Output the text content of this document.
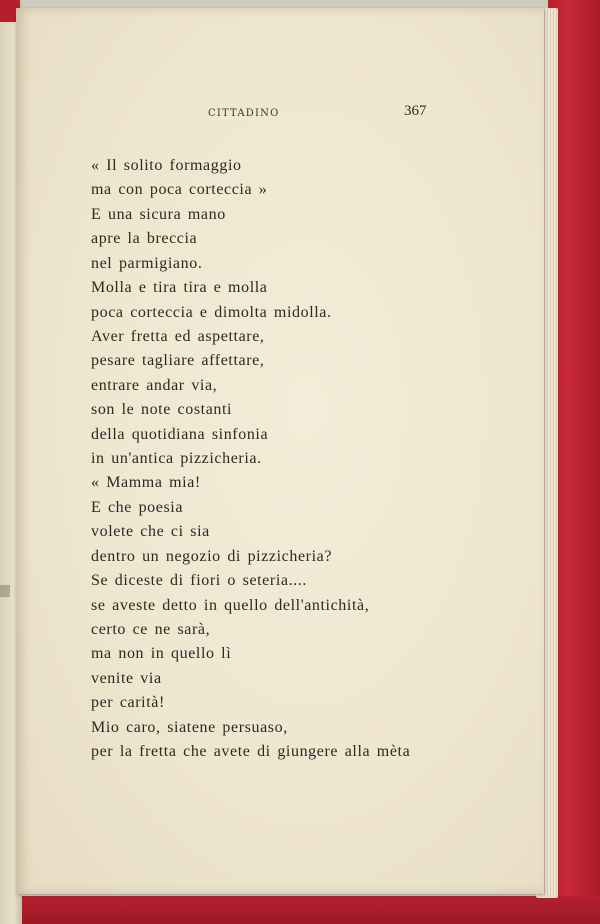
CITTADINO	367
« Il solito formaggio
ma con poca corteccia »
E una sicura mano
apre la breccia
nel parmigiano.
Molla e tira tira e molla
poca corteccia e dimolta midolla.
Aver fretta ed aspettare,
pesare tagliare affettare,
entrare andar via,
son le note costanti
della quotidiana sinfonia
in un'antica pizzicheria.
« Mamma mia!
E che poesia
volete che ci sia
dentro un negozio di pizzicheria?
Se diceste di fiori o seteria....
se aveste detto in quello dell'antichità,
certo ce ne sarà,
ma non in quello lì
venite via
per carità!
Mio caro, siatene persuaso,
per la fretta che avete di giungere alla mèta
